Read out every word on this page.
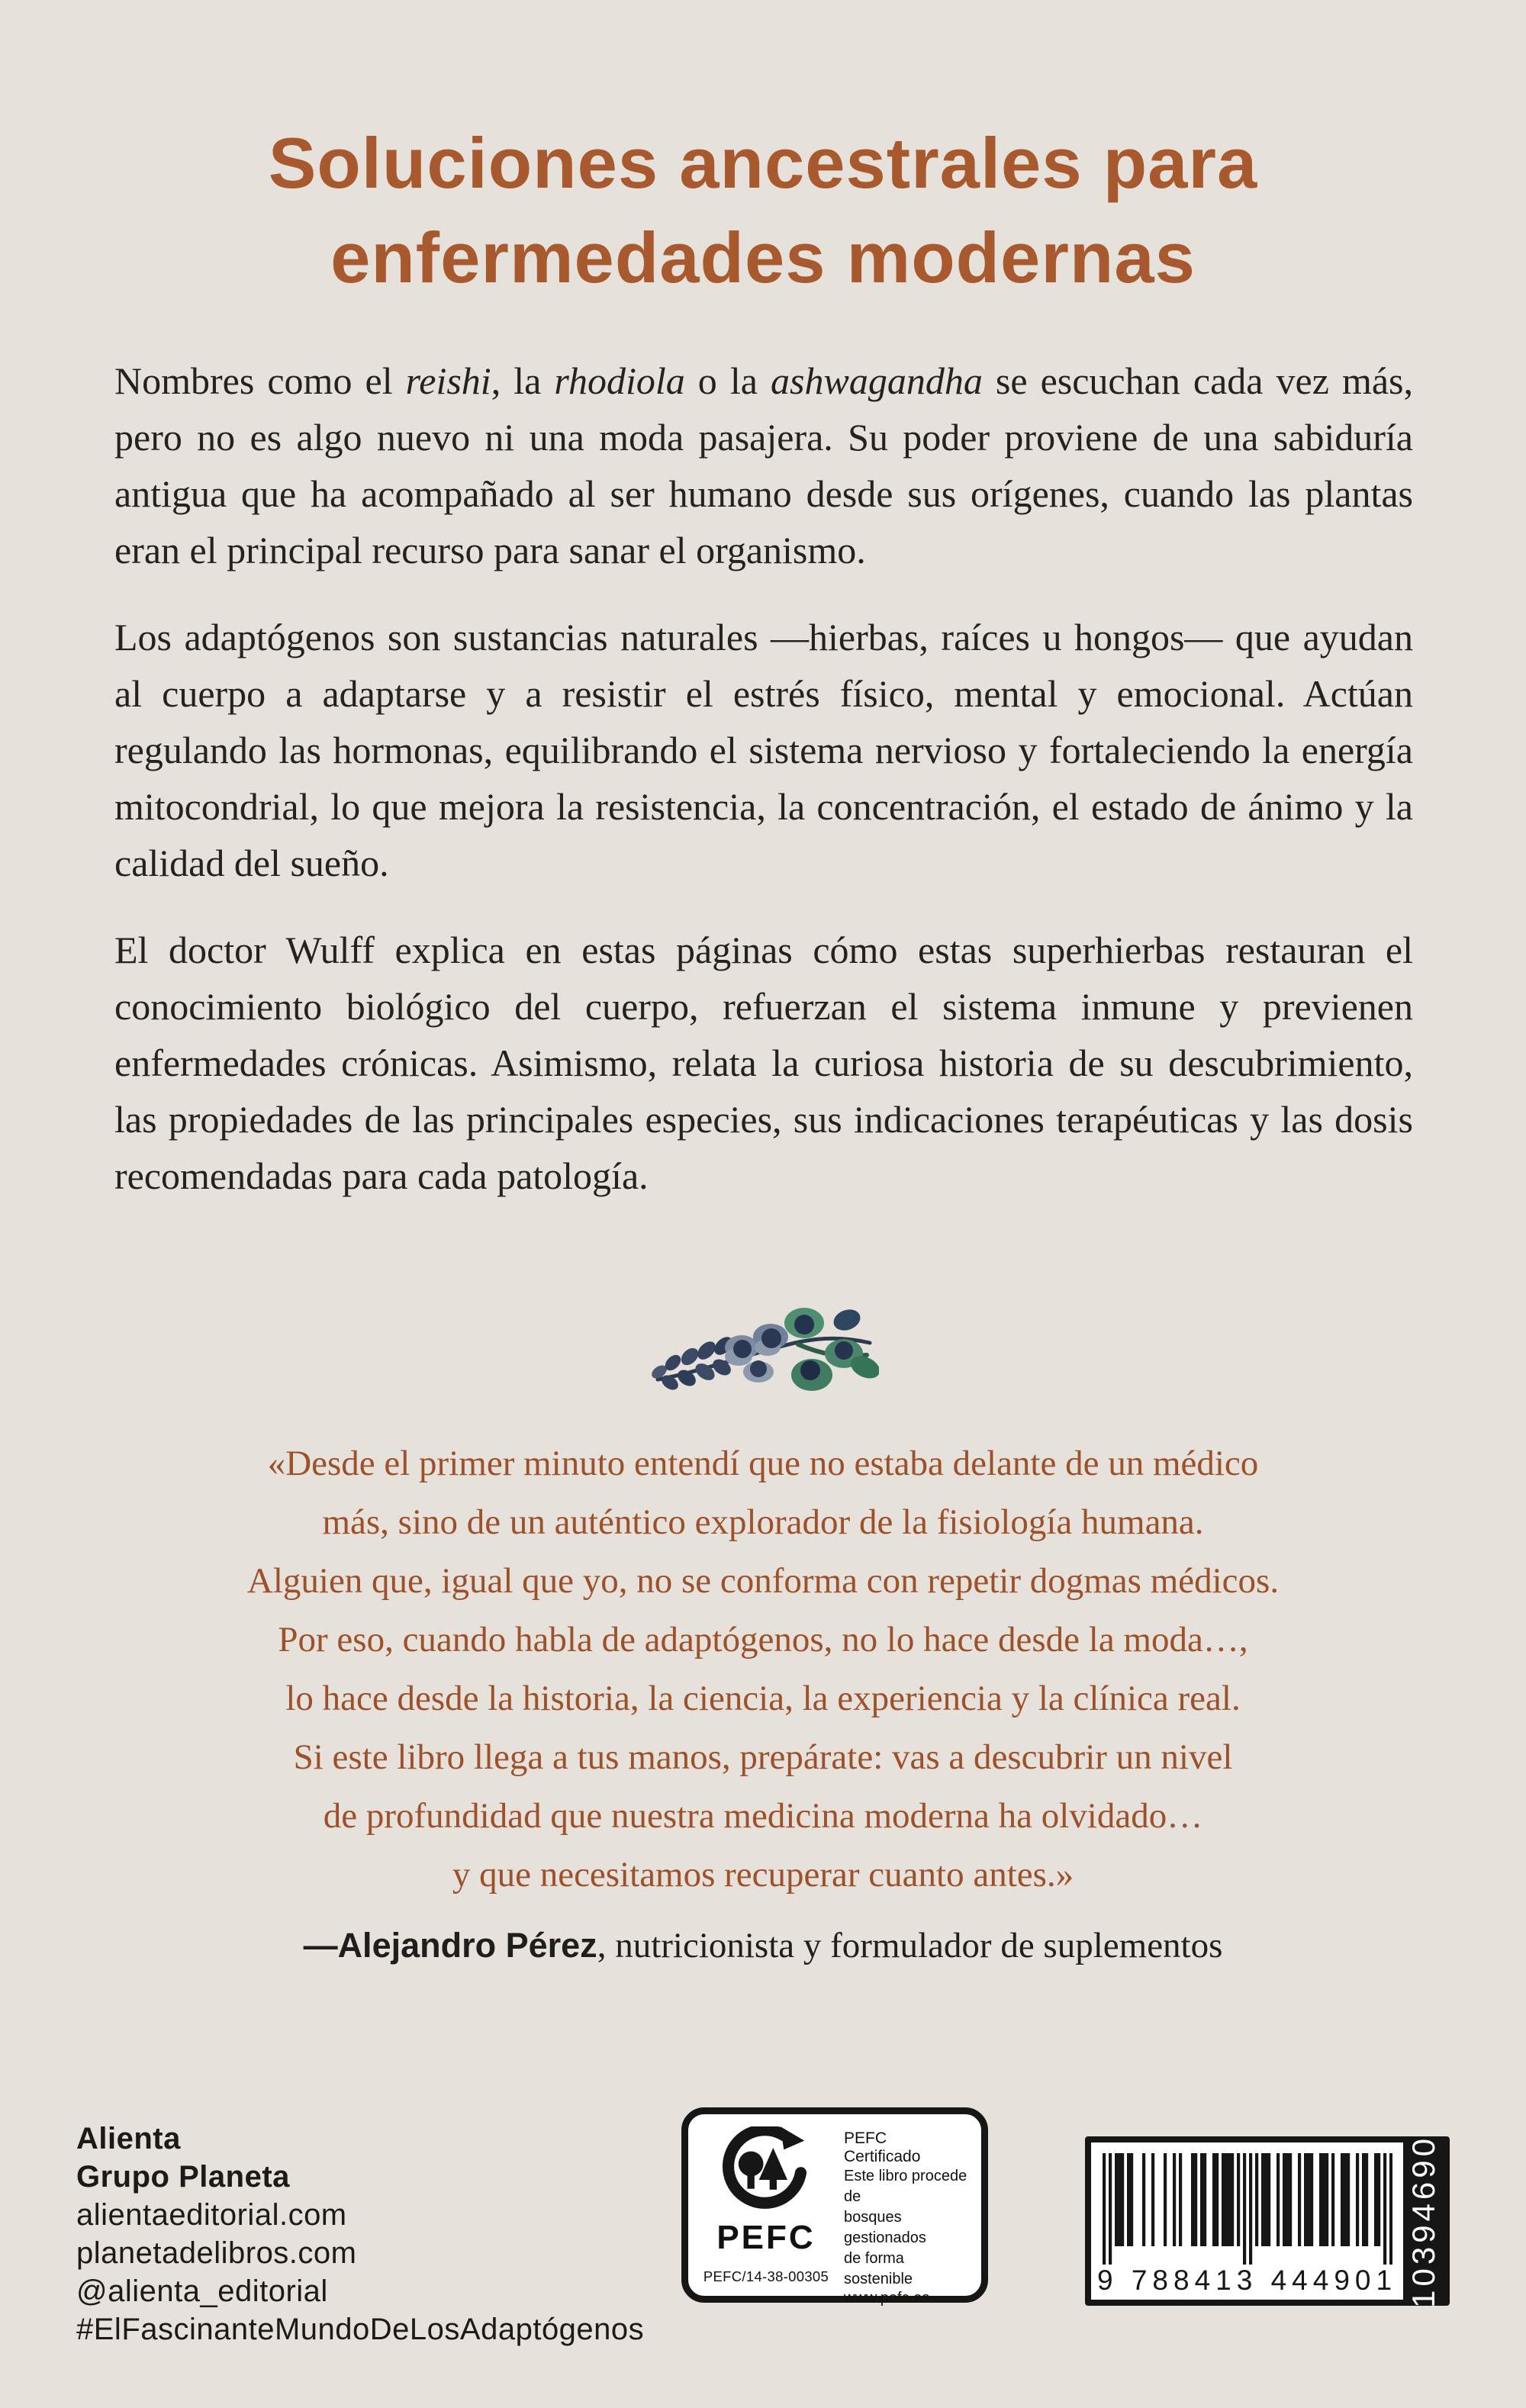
Soluciones ancestrales para
enfermedades modernas

Nombres como el reishi, la rhodiola o la ashwagandha se escuchan cada vez más, pero no es algo nuevo ni una moda pasajera. Su poder proviene de una sabiduría antigua que ha acompañado al ser humano desde sus orígenes, cuando las plantas eran el principal recurso para sanar el organismo.

Los adaptógenos son sustancias naturales —hierbas, raíces u hongos— que ayudan al cuerpo a adaptarse y a resistir el estrés físico, mental y emocional. Actúan regulando las hormonas, equilibrando el sistema nervioso y fortaleciendo la energía mitocondrial, lo que mejora la resistencia, la concentración, el estado de ánimo y la calidad del sueño.

El doctor Wulff explica en estas páginas cómo estas superhierbas restauran el conocimiento biológico del cuerpo, refuerzan el sistema inmune y previenen enfermedades crónicas. Asimismo, relata la curiosa historia de su descubrimiento, las propiedades de las principales especies, sus indicaciones terapéuticas y las dosis recomendadas para cada patología.

«Desde el primer minuto entendí que no estaba delante de un médico
más, sino de un auténtico explorador de la fisiología humana.
Alguien que, igual que yo, no se conforma con repetir dogmas médicos.
Por eso, cuando habla de adaptógenos, no lo hace desde la moda…,
lo hace desde la historia, la ciencia, la experiencia y la clínica real.
Si este libro llega a tus manos, prepárate: vas a descubrir un nivel
de profundidad que nuestra medicina moderna ha olvidado…
y que necesitamos recuperar cuanto antes.»
—Alejandro Pérez, nutricionista y formulador de suplementos
Alienta
Grupo Planeta
alientaeditorial.com
planetadelibros.com
@alienta_editorial
#ElFascinanteMundoDeLosAdaptógenos
PEFC
PEFC/14-38-00305
PEFC Certificado
Este libro procede de
bosques gestionados
de forma sostenible
www.pefc.es
9 788413 444901 10394690
